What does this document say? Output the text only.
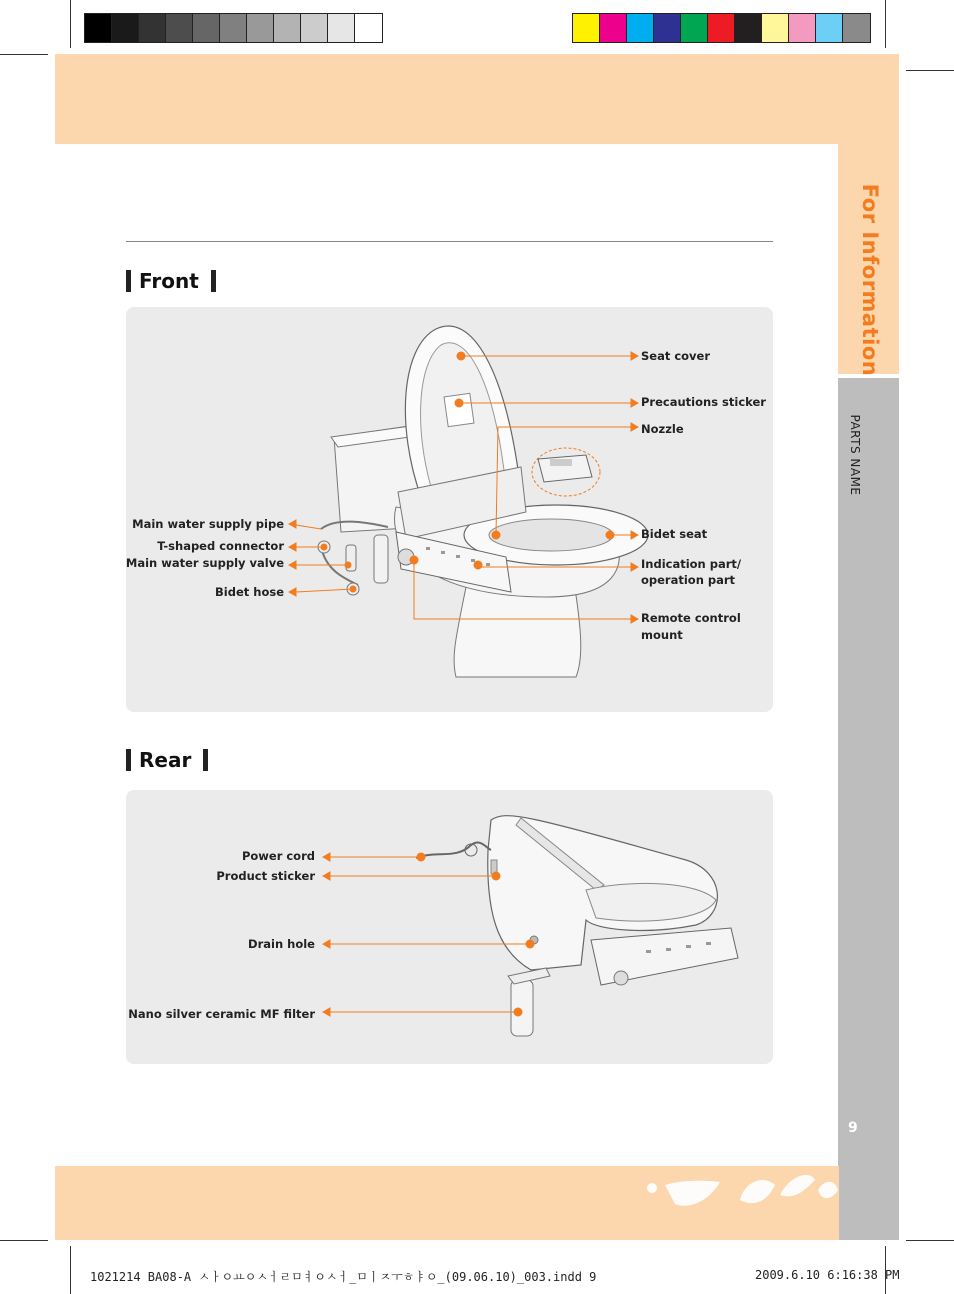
For Information
PARTS NAME
9
Front
Seat cover
Precautions sticker
Nozzle
Bidet seat
Indication part/
operation part
Remote control
mount
Main water supply pipe
T-shaped connector
Main water supply valve
Bidet hose
Rear
Power cord
Product sticker
Drain hole
Nano silver ceramic MF filter
1021214 BA08-A ㅅㅏㅇㅛㅇㅅㅓㄹㅁㅕㅇㅅㅓ_ㅁㅣㅈㅜㅎㅑㅇ_(09.06.10)_003.indd 9	2009.6.10 6:16:38 PM
